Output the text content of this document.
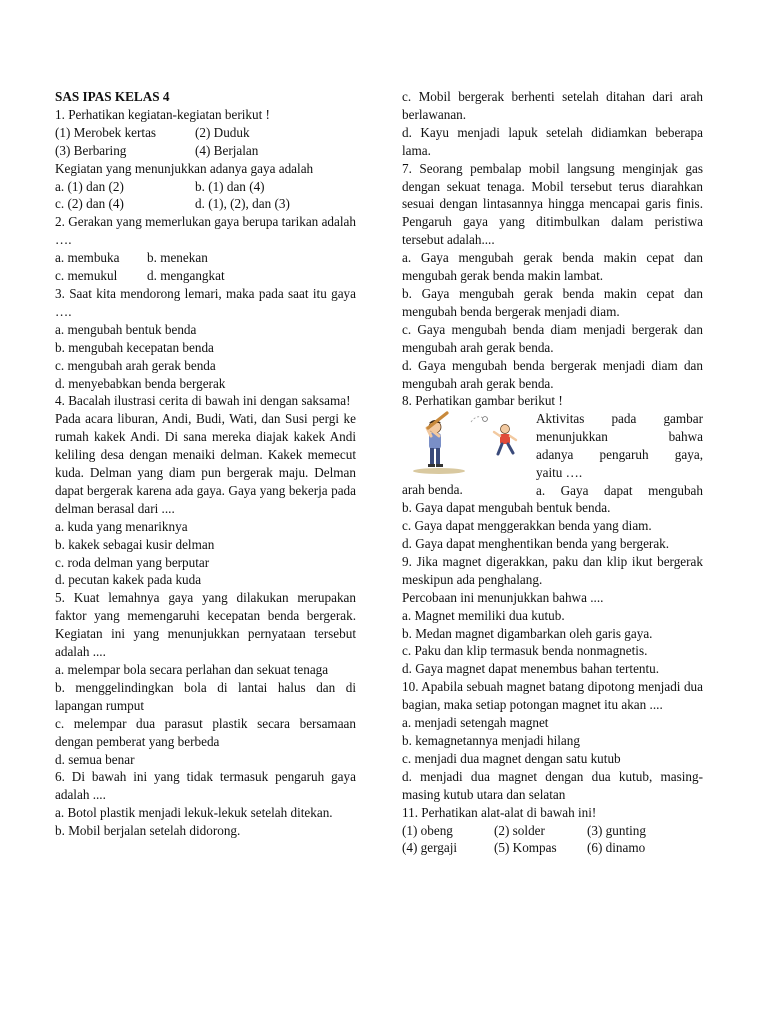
SAS IPAS KELAS 4
1. Perhatikan kegiatan-kegiatan berikut !
(1) Merobek kertas	(2) Duduk
(3) Berbaring	(4) Berjalan
Kegiatan yang menunjukkan adanya gaya adalah
a. (1) dan (2)	b. (1) dan (4)
c. (2) dan (4)	d. (1), (2), dan (3)
2. Gerakan yang memerlukan gaya berupa tarikan adalah ….
a. membuka	b. menekan
c. memukul	d. mengangkat
3. Saat kita mendorong lemari, maka pada saat itu gaya ….
a. mengubah bentuk benda
b. mengubah kecepatan benda
c. mengubah arah gerak benda
d. menyebabkan benda bergerak
4. Bacalah ilustrasi cerita di bawah ini dengan saksama!
Pada acara liburan, Andi, Budi, Wati, dan Susi pergi ke rumah kakek Andi. Di sana mereka diajak kakek Andi keliling desa dengan menaiki delman. Kakek memecut kuda. Delman yang diam pun bergerak maju. Delman dapat bergerak karena ada gaya. Gaya yang bekerja pada delman berasal dari ....
a. kuda yang menariknya
b. kakek sebagai kusir delman
c. roda delman yang berputar
d. pecutan kakek pada kuda
5. Kuat lemahnya gaya yang dilakukan merupakan faktor yang memengaruhi kecepatan benda bergerak. Kegiatan ini yang menunjukkan pernyataan tersebut adalah ....
a. melempar bola secara perlahan dan sekuat tenaga
b. menggelindingkan bola di lantai halus dan di lapangan rumput
c. melempar dua parasut plastik secara bersamaan dengan pemberat yang berbeda
d. semua benar
6. Di bawah ini yang tidak termasuk pengaruh gaya adalah ....
a. Botol plastik menjadi lekuk-lekuk setelah ditekan.
b. Mobil berjalan setelah didorong.
c. Mobil bergerak berhenti setelah ditahan dari arah berlawanan.
d. Kayu menjadi lapuk setelah didiamkan beberapa lama.
7. Seorang pembalap mobil langsung menginjak gas dengan sekuat tenaga. Mobil tersebut terus diarahkan sesuai dengan lintasannya hingga mencapai garis finis. Pengaruh gaya yang ditimbulkan dalam peristiwa tersebut adalah....
a. Gaya mengubah gerak benda makin cepat dan mengubah gerak benda makin lambat.
b. Gaya mengubah gerak benda makin cepat dan mengubah benda bergerak menjadi diam.
c. Gaya mengubah benda diam menjadi bergerak dan mengubah arah gerak benda.
d. Gaya mengubah benda bergerak menjadi diam dan mengubah arah gerak benda.
8. Perhatikan gambar berikut !
Aktivitas pada gambar
menunjukkan bahwa
adanya pengaruh gaya,
yaitu ….
a. Gaya dapat mengubah
arah benda.
b. Gaya dapat mengubah bentuk benda.
c. Gaya dapat menggerakkan benda yang diam.
d. Gaya dapat menghentikan benda yang bergerak.
9. Jika magnet digerakkan, paku dan klip ikut bergerak meskipun ada penghalang.
Percobaan ini menunjukkan bahwa ....
a. Magnet memiliki dua kutub.
b. Medan magnet digambarkan oleh garis gaya.
c. Paku dan klip termasuk benda nonmagnetis.
d. Gaya magnet dapat menembus bahan tertentu.
10. Apabila sebuah magnet batang dipotong menjadi dua bagian, maka setiap potongan magnet itu akan ....
a. menjadi setengah magnet
b. kemagnetannya menjadi hilang
c. menjadi dua magnet dengan satu kutub
d. menjadi dua magnet dengan dua kutub, masing-masing kutub utara dan selatan
11. Perhatikan alat-alat di bawah ini!
(1) obeng	(2) solder	(3) gunting
(4) gergaji	(5) Kompas	(6) dinamo
